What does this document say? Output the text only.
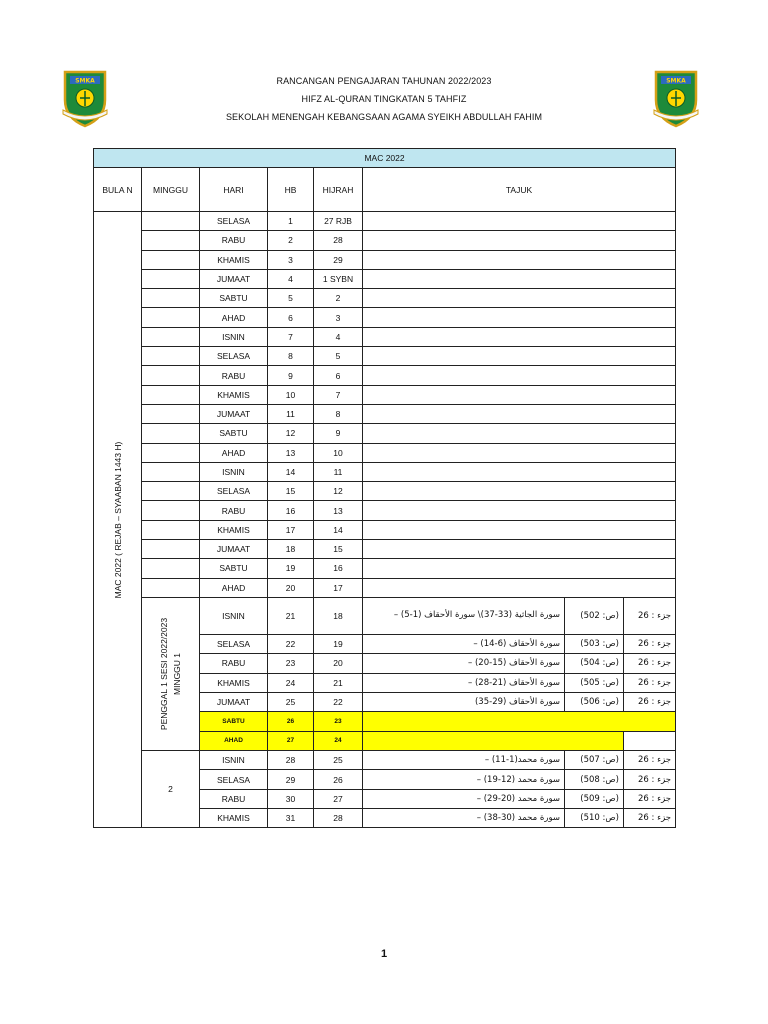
SMKA	SMKA
RANCANGAN PENGAJARAN TAHUNAN 2022/2023
HIFZ AL-QURAN TINGKATAN 5 TAHFIZ
SEKOLAH MENENGAH KEBANGSAAN AGAMA SYEIKH ABDULLAH FAHIM
MAC 2022							
BULA N	MINGGU	HARI	HB	HIJRAH	TAJUK		

MAC 2022 ( REJAB – SYAABAN 1443 H)		SELASA	1	27 RJB			
		RABU	2	28			
		KHAMIS	3	29			
		JUMAAT	4	1 SYBN			
		SABTU	5	2			
		AHAD	6	3			
		ISNIN	7	4			
		SELASA	8	5			
		RABU	9	6			
		KHAMIS	10	7			
		JUMAAT	11	8			
		SABTU	12	9			
		AHAD	13	10			
		ISNIN	14	11			
		SELASA	15	12			
		RABU	16	13			
		KHAMIS	17	14			
		JUMAAT	18	15			
		SABTU	19	16			
		AHAD	20	17			

	PENGGAL 1 SESI 2022/2023 MINGGU 1	ISNIN	21	18	سورة الجاثية (33-37)\ سورة الأحقاف (1-5) –	(ص: 502)	جزء : 26
		SELASA	22	19	سورة الأحقاف (6-14) –	(ص: 503)	جزء : 26
		RABU	23	20	سورة الأحقاف (15-20) –	(ص: 504)	جزء : 26
		KHAMIS	24	21	سورة الأحقاف (21-28) –	(ص: 505)	جزء : 26
		JUMAAT	25	22	سورة الأحقاف (29-35)	(ص: 506)	جزء : 26
		SABTU	26	23			
		AHAD	27	24			
	2	ISNIN	28	25	سورة محمد(1-11) –	(ص: 507)	جزء : 26
		SELASA	29	26	سورة محمد (12-19) –	(ص: 508)	جزء : 26
		RABU	30	27	سورة محمد (20-29) –	(ص: 509)	جزء : 26
		KHAMIS	31	28	سورة محمد (30-38) –	(ص: 510)	جزء : 26
1
